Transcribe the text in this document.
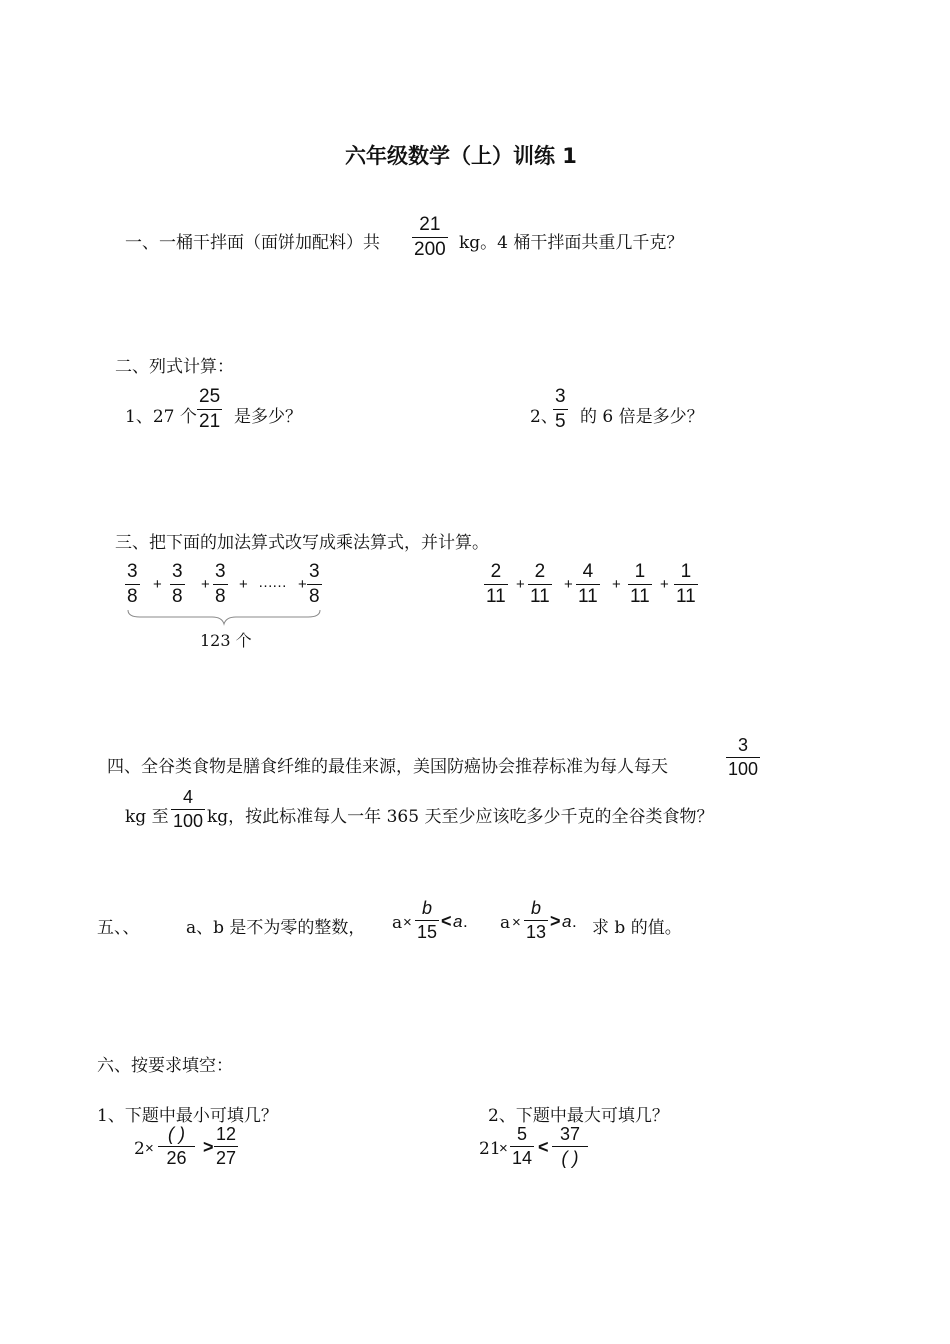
六年级数学（上）训练 1
一、一桶干拌面（面饼加配料）共
21
200 kg。4 桶干拌面共重几千克？
二、列式计算：
1、27 个
25
21 是多少？	2、
3
5 的 6 倍是多少？
三、把下面的加法算式改写成乘法算式，并计算。
3
8
+
3
8
+
3
8
+ …… +
3
8
123 个
2
11
+
2
11
+
4
11
+
1
11
+
1
11
四、全谷类食物是膳食纤维的最佳来源，美国防癌协会推荐标准为每人每天
3
100
kg 至
4
100 kg，按此标准每人一年 365 天至少应该吃多少千克的全谷类食物？
五、、	a、b 是不为零的整数， a ×
b
15
< a . a ×
b
13
> a . 求 b 的值。
六、按要求填空：
1、下题中最小可填几？
2 ×
( )
26
>
12
27
2、下题中最大可填几？
21
×
5
14
<
37
( )
